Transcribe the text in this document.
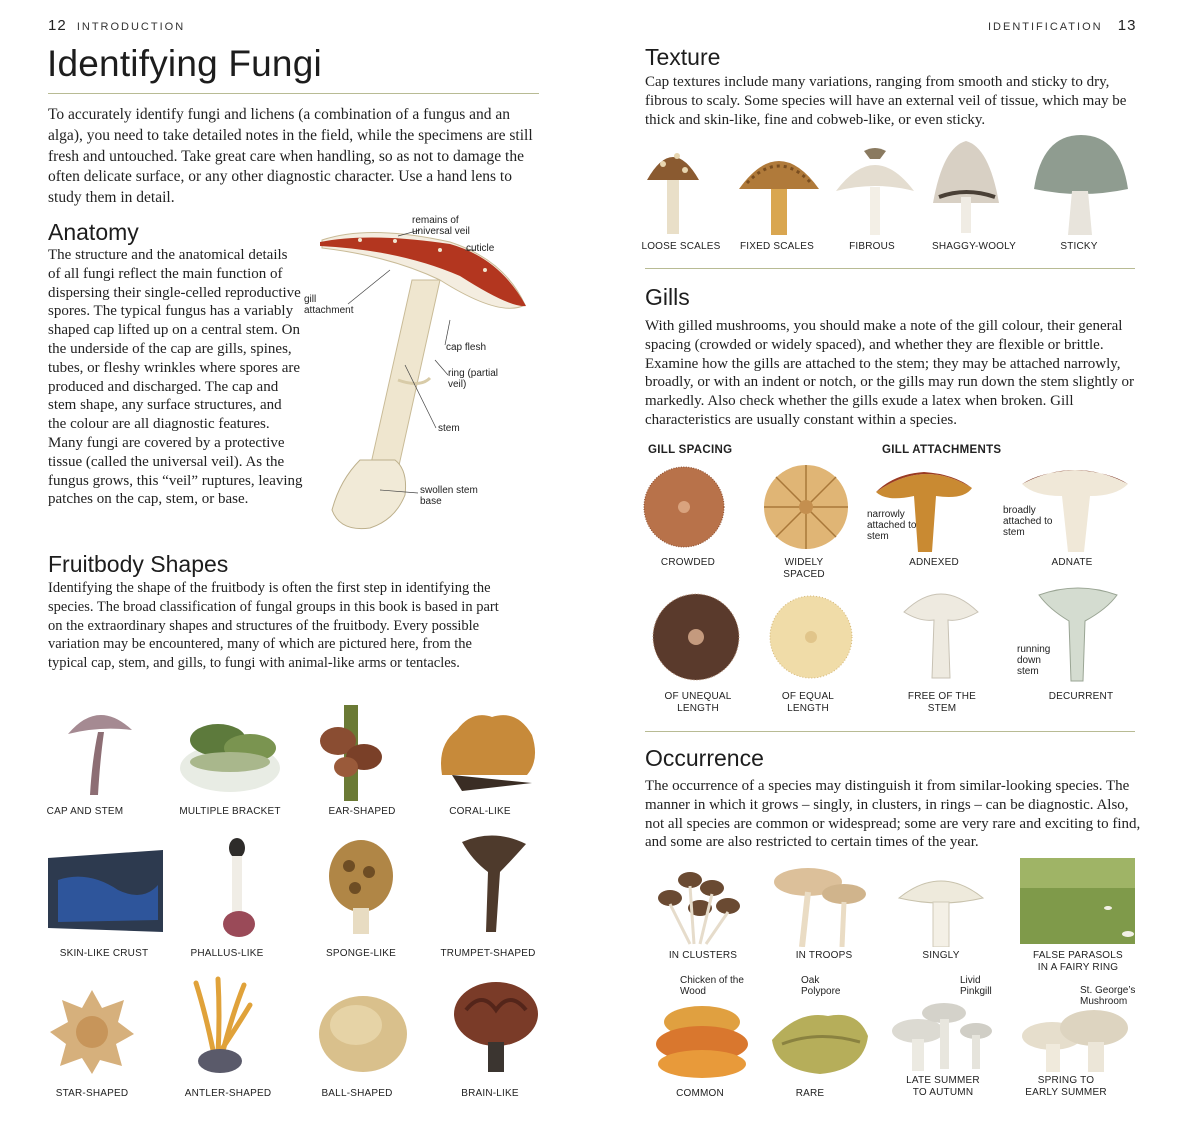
12 INTRODUCTION
Identifying Fungi

To accurately identify fungi and lichens (a combination of a fungus and an alga), you need to take detailed notes in the field, while the specimens are still fresh and untouched. Take great care when handling, so as not to damage the often delicate surface, or any other diagnostic character. Use a hand lens to study them in detail.

Anatomy

The structure and the anatomical details of all fungi reflect the main function of dispersing their single-celled reproductive spores. The typical fungus has a variably shaped cap lifted up on a central stem. On the underside of the cap are gills, spines, tubes, or fleshy wrinkles where spores are produced and discharged. The cap and stem shape, any surface structures, and the colour are all diagnostic features. Many fungi are covered by a protective tissue (called the universal veil). As the fungus grows, this “veil” ruptures, leaving patches on the cap, stem, or base.

remains of universal veil
cuticle
gill attachment
cap flesh
ring (partial veil)
stem
swollen stem base
Fruitbody Shapes

Identifying the shape of the fruitbody is often the first step in identifying the species. The broad classification of fungal groups in this book is based in part on the extraordinary shapes and structures of the fruitbody. Every possible variation may be encountered, many of which are pictured here, from the typical cap, stem, and gills, to fungi with animal-like arms or tentacles.

CAP AND STEM	MULTIPLE BRACKET	EAR-SHAPED	CORAL-LIKE
SKIN-LIKE CRUST	PHALLUS-LIKE	SPONGE-LIKE	TRUMPET-SHAPED
STAR-SHAPED	ANTLER-SHAPED	BALL-SHAPED	BRAIN-LIKE
IDENTIFICATION 13
Texture

Cap textures include many variations, ranging from smooth and sticky to dry, fibrous to scaly. Some species will have an external veil of tissue, which may be thick and skin-like, fine and cobweb-like, or even sticky.

LOOSE SCALES	FIXED SCALES	FIBROUS	SHAGGY-WOOLY	STICKY
Gills

With gilled mushrooms, you should make a note of the gill colour, their general spacing (crowded or widely spaced), and whether they are flexible or brittle. Examine how the gills are attached to the stem; they may be attached narrowly, broadly, or with an indent or notch, or the gills may run down the stem slightly or markedly. Also check whether the gills exude a latex when broken. Gill characteristics are usually constant within a species.

GILL SPACING	GILL ATTACHMENTS
narrowly attached to stem
broadly attached to stem
CROWDED	WIDELY SPACED
ADNEXED	ADNATE
running down stem
OF UNEQUAL LENGTH
OF EQUAL LENGTH
FREE OF THE STEM
DECURRENT
Occurrence

The occurrence of a species may distinguish it from similar-looking species. The manner in which it grows – singly, in clusters, in rings – can be diagnostic. Also, not all species are common or widespread; some are very rare and exciting to find, and some are also restricted to certain times of the year.

IN CLUSTERS	IN TROOPS	SINGLY	FALSE PARASOLS IN A FAIRY RING
Chicken of the Wood
Oak Polypore
Livid Pinkgill	St. George’s Mushroom
COMMON	RARE
LATE SUMMER TO AUTUMN
SPRING TO EARLY SUMMER
